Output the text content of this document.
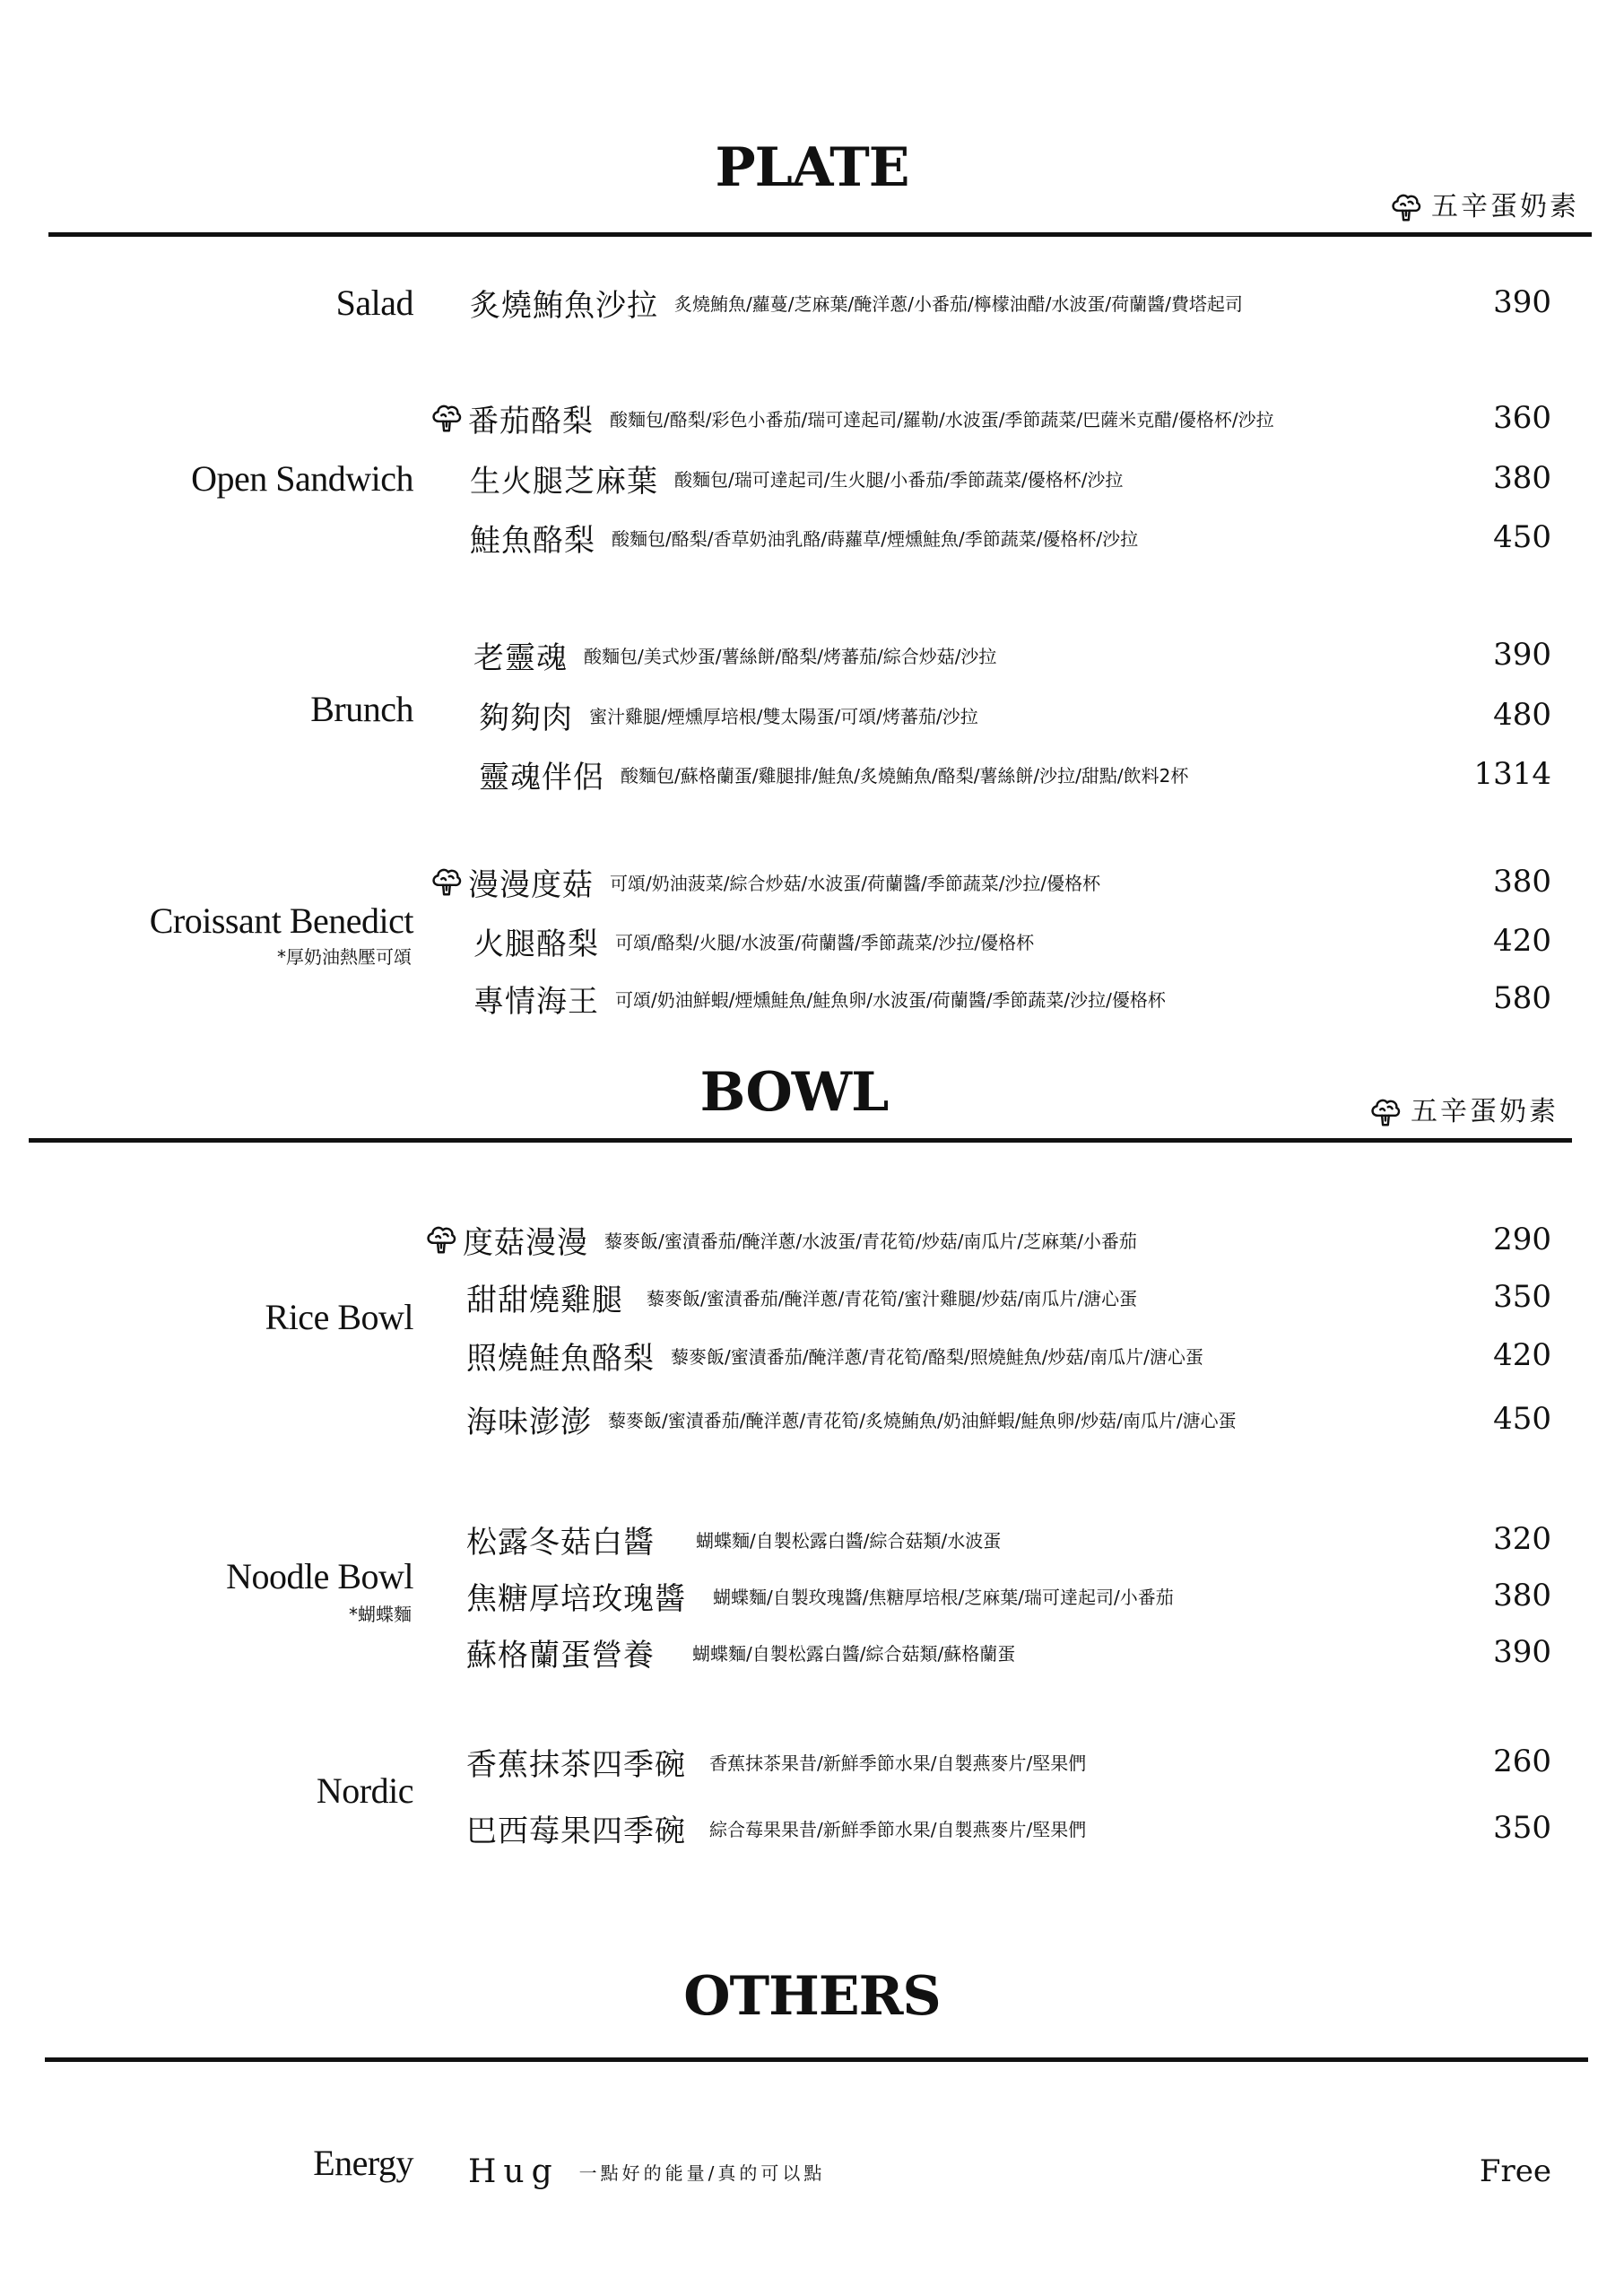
PLATE
五辛蛋奶素
Salad 炙燒鮪魚沙拉 炙燒鮪魚/蘿蔓/芝麻葉/醃洋蔥/小番茄/檸檬油醋/水波蛋/荷蘭醬/費塔起司	390
Open Sandwich
番茄酪梨 酸麵包/酪梨/彩色小番茄/瑞可達起司/羅勒/水波蛋/季節蔬菜/巴薩米克醋/優格杯/沙拉	360
生火腿芝麻葉 酸麵包/瑞可達起司/生火腿/小番茄/季節蔬菜/優格杯/沙拉	380
鮭魚酪梨 酸麵包/酪梨/香草奶油乳酪/蒔蘿草/煙燻鮭魚/季節蔬菜/優格杯/沙拉	450
Brunch
老靈魂 酸麵包/美式炒蛋/薯絲餅/酪梨/烤蕃茄/綜合炒菇/沙拉	390
夠夠肉 蜜汁雞腿/煙燻厚培根/雙太陽蛋/可頌/烤蕃茄/沙拉	480
靈魂伴侶 酸麵包/蘇格蘭蛋/雞腿排/鮭魚/炙燒鮪魚/酪梨/薯絲餅/沙拉/甜點/飲料2杯	1314
Croissant Benedict
*厚奶油熱壓可頌
漫漫度菇 可頌/奶油菠菜/綜合炒菇/水波蛋/荷蘭醬/季節蔬菜/沙拉/優格杯	380
火腿酪梨 可頌/酪梨/火腿/水波蛋/荷蘭醬/季節蔬菜/沙拉/優格杯	420
專情海王 可頌/奶油鮮蝦/煙燻鮭魚/鮭魚卵/水波蛋/荷蘭醬/季節蔬菜/沙拉/優格杯	580
BOWL	五辛蛋奶素
Rice Bowl
度菇漫漫 藜麥飯/蜜漬番茄/醃洋蔥/水波蛋/青花筍/炒菇/南瓜片/芝麻葉/小番茄	290
甜甜燒雞腿 藜麥飯/蜜漬番茄/醃洋蔥/青花筍/蜜汁雞腿/炒菇/南瓜片/溏心蛋	350
照燒鮭魚酪梨 藜麥飯/蜜漬番茄/醃洋蔥/青花筍/酪梨/照燒鮭魚/炒菇/南瓜片/溏心蛋	420
海味澎澎 藜麥飯/蜜漬番茄/醃洋蔥/青花筍/炙燒鮪魚/奶油鮮蝦/鮭魚卵/炒菇/南瓜片/溏心蛋	450
Noodle Bowl
*蝴蝶麵
松露冬菇白醬 蝴蝶麵/自製松露白醬/綜合菇類/水波蛋	320
焦糖厚培玫瑰醬 蝴蝶麵/自製玫瑰醬/焦糖厚培根/芝麻葉/瑞可達起司/小番茄	380
蘇格蘭蛋營養 蝴蝶麵/自製松露白醬/綜合菇類/蘇格蘭蛋	390
Nordic
香蕉抹茶四季碗 香蕉抹茶果昔/新鮮季節水果/自製燕麥片/堅果們	260
巴西莓果四季碗 綜合莓果果昔/新鮮季節水果/自製燕麥片/堅果們	350
OTHERS
Energy Hug 一點好的能量/真的可以點	Free
